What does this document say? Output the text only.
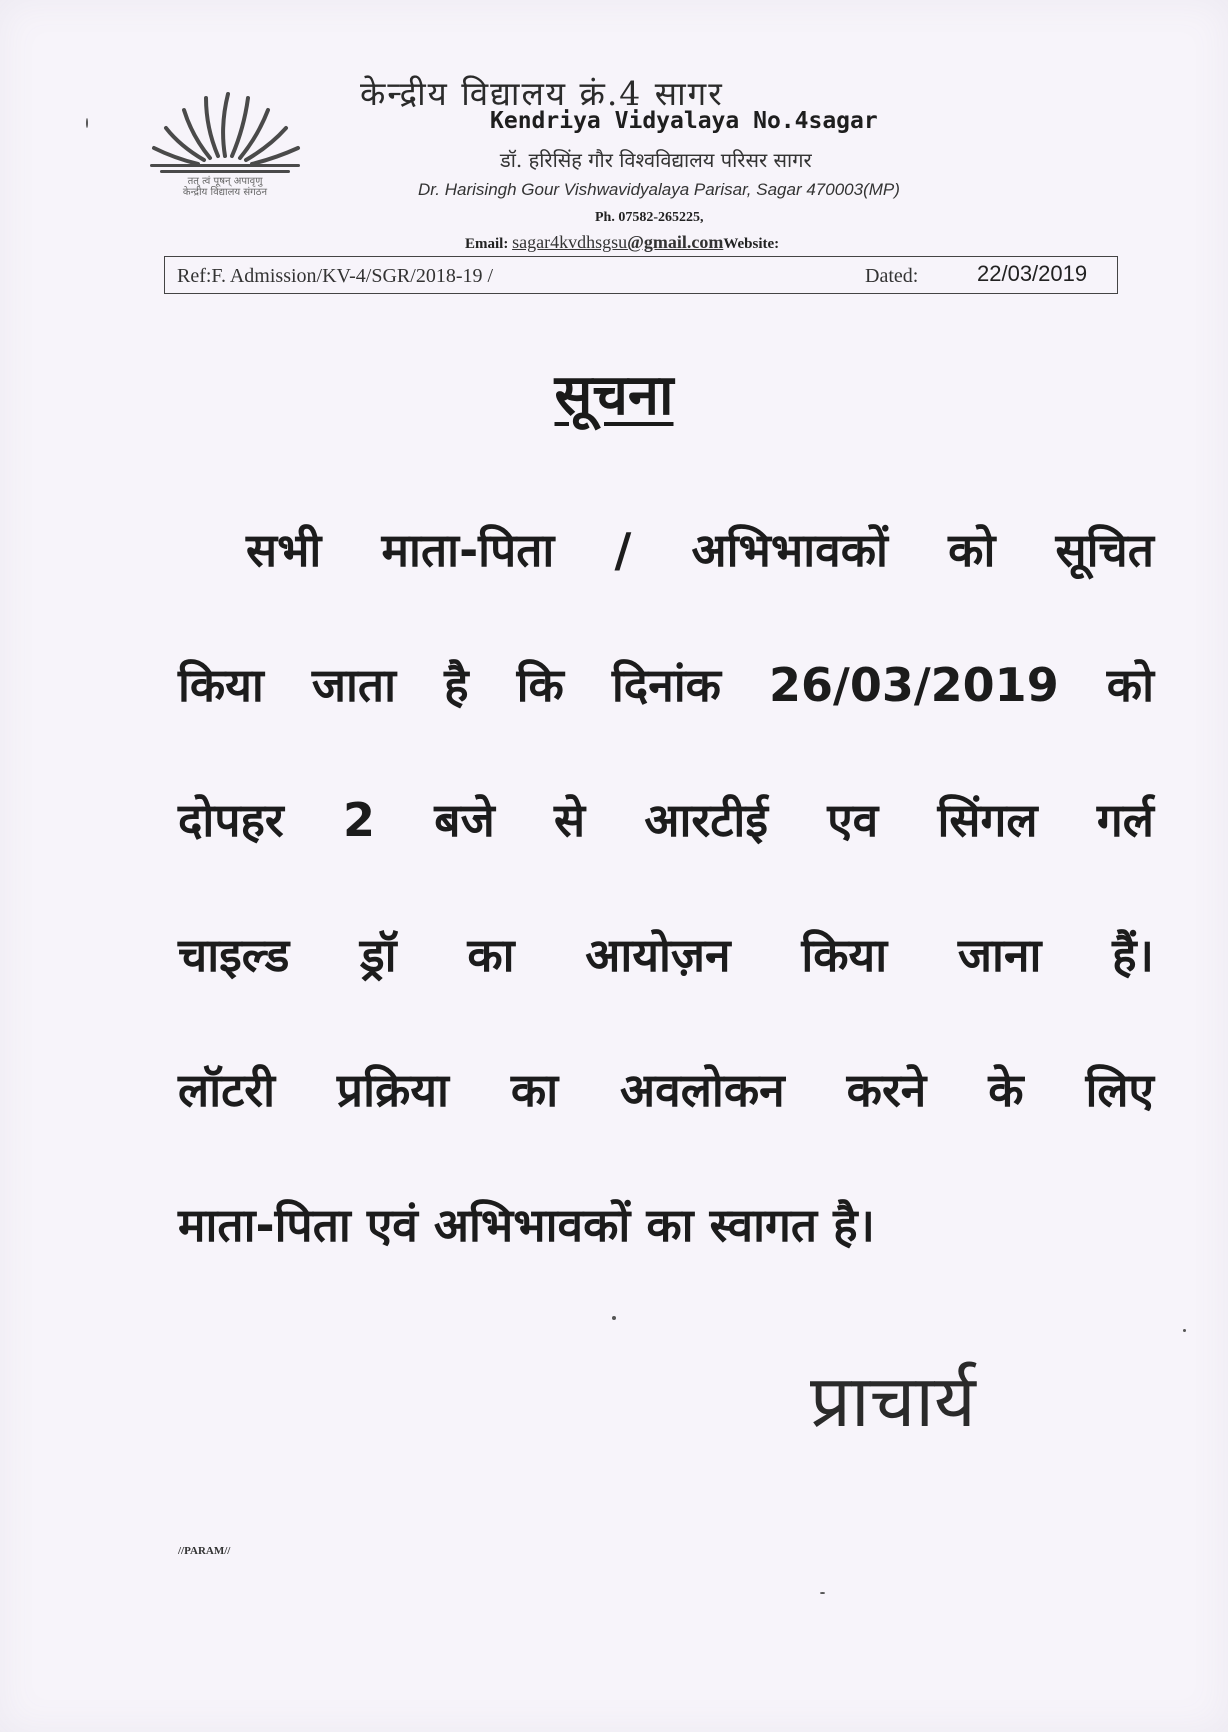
तत् त्वं पूषन् अपावृणु
केन्द्रीय विद्यालय संगठन
केन्द्रीय विद्यालय क्रं.4 सागर
Kendriya Vidyalaya No.4sagar
डॉ. हरिसिंह गौर विश्वविद्यालय परिसर सागर
Dr. Harisingh Gour Vishwavidyalaya Parisar, Sagar 470003(MP)
Ph. 07582-265225,
Email: sagar4kvdhsgsu@gmail.comWebsite:
Ref:F. Admission/KV-4/SGR/2018-19 /	Dated:	22/03/2019
सूचना
सभी माता-पिता / अभिभावकों को सूचित
किया जाता है कि दिनांक 26/03/2019 को
दोपहर 2 बजे से आरटीई एव सिंगल गर्ल
चाइल्ड ड्रॉ का आयोज़न किया जाना हैं।
लॉटरी प्रक्रिया का अवलोकन करने के लिए
माता-पिता एवं अभिभावकों का स्वागत है।
प्राचार्य
//PARAM//
